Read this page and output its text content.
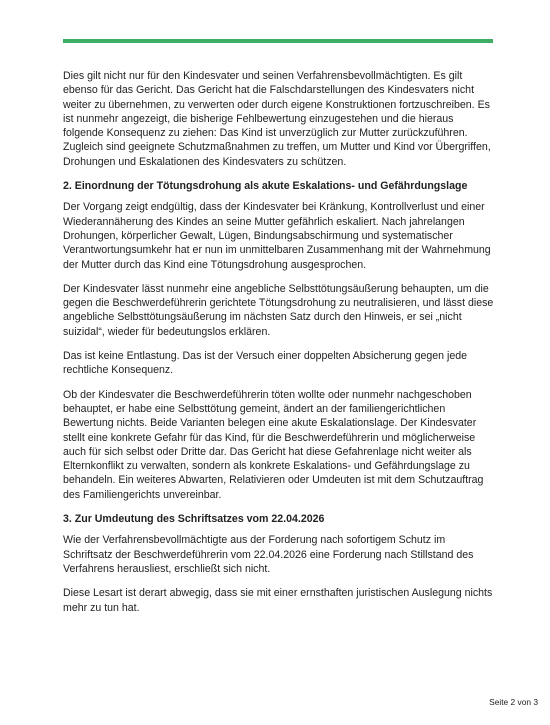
Dies gilt nicht nur für den Kindesvater und seinen Verfahrensbevollmächtigten. Es gilt ebenso für das Gericht. Das Gericht hat die Falschdarstellungen des Kindesvaters nicht weiter zu übernehmen, zu verwerten oder durch eigene Konstruktionen fortzuschreiben. Es ist nunmehr angezeigt, die bisherige Fehlbewertung einzugestehen und die hieraus folgende Konsequenz zu ziehen: Das Kind ist unverzüglich zur Mutter zurückzuführen. Zugleich sind geeignete Schutzmaßnahmen zu treffen, um Mutter und Kind vor Übergriffen, Drohungen und Eskalationen des Kindesvaters zu schützen.

2. Einordnung der Tötungsdrohung als akute Eskalations- und Gefährdungslage

Der Vorgang zeigt endgültig, dass der Kindesvater bei Kränkung, Kontrollverlust und einer Wiederannäherung des Kindes an seine Mutter gefährlich eskaliert. Nach jahrelangen Drohungen, körperlicher Gewalt, Lügen, Bindungsabschirmung und systematischer Verantwortungsumkehr hat er nun im unmittelbaren Zusammenhang mit der Wahrnehmung der Mutter durch das Kind eine Tötungsdrohung ausgesprochen.

Der Kindesvater lässt nunmehr eine angebliche Selbsttötungsäußerung behaupten, um die gegen die Beschwerdeführerin gerichtete Tötungsdrohung zu neutralisieren, und lässt diese angebliche Selbsttötungsäußerung im nächsten Satz durch den Hinweis, er sei „nicht suizidal“, wieder für bedeutungslos erklären.

Das ist keine Entlastung. Das ist der Versuch einer doppelten Absicherung gegen jede rechtliche Konsequenz.

Ob der Kindesvater die Beschwerdeführerin töten wollte oder nunmehr nachgeschoben behauptet, er habe eine Selbsttötung gemeint, ändert an der familiengerichtlichen Bewertung nichts. Beide Varianten belegen eine akute Eskalationslage. Der Kindesvater stellt eine konkrete Gefahr für das Kind, für die Beschwerdeführerin und möglicherweise auch für sich selbst oder Dritte dar. Das Gericht hat diese Gefahrenlage nicht weiter als Elternkonflikt zu verwalten, sondern als konkrete Eskalations- und Gefährdungslage zu behandeln. Ein weiteres Abwarten, Relativieren oder Umdeuten ist mit dem Schutzauftrag des Familiengerichts unvereinbar.

3. Zur Umdeutung des Schriftsatzes vom 22.04.2026

Wie der Verfahrensbevollmächtigte aus der Forderung nach sofortigem Schutz im Schriftsatz der Beschwerdeführerin vom 22.04.2026 eine Forderung nach Stillstand des Verfahrens herausliest, erschließt sich nicht.

Diese Lesart ist derart abwegig, dass sie mit einer ernsthaften juristischen Auslegung nichts mehr zu tun hat.

Seite 2 von 3
